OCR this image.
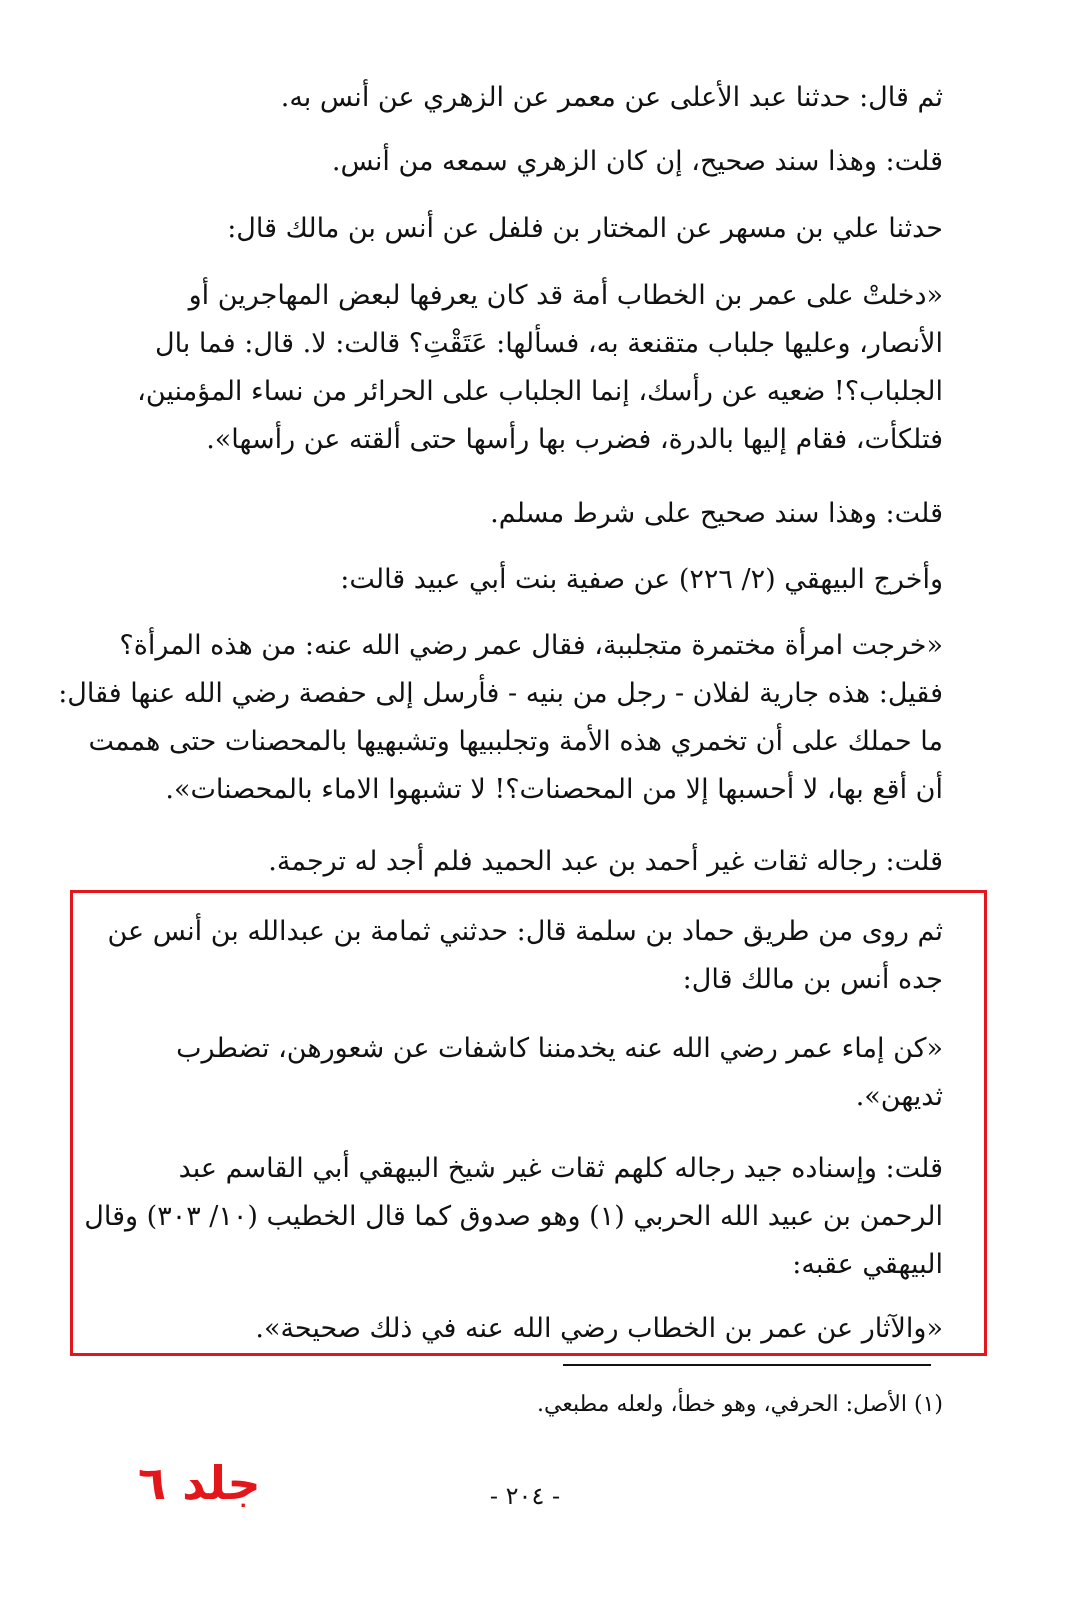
ثم قال: حدثنا عبد الأعلى عن معمر عن الزهري عن أنس به.
قلت: وهذا سند صحيح، إن كان الزهري سمعه من أنس.
حدثنا علي بن مسهر عن المختار بن فلفل عن أنس بن مالك قال:
«دخلتْ على عمر بن الخطاب أمة قد كان يعرفها لبعض المهاجرين أو
الأنصار، وعليها جلباب متقنعة به، فسألها: عَتَقْتِ؟ قالت: لا. قال: فما بال
الجلباب؟! ضعيه عن رأسك، إنما الجلباب على الحرائر من نساء المؤمنين،
فتلكأت، فقام إليها بالدرة، فضرب بها رأسها حتى ألقته عن رأسها».
قلت: وهذا سند صحيح على شرط مسلم.
وأخرج البيهقي (٢/ ٢٢٦) عن صفية بنت أبي عبيد قالت:
«خرجت امرأة مختمرة متجلببة، فقال عمر رضي الله عنه: من هذه المرأة؟
فقيل: هذه جارية لفلان - رجل من بنيه - فأرسل إلى حفصة رضي الله عنها فقال:
ما حملك على أن تخمري هذه الأمة وتجلببيها وتشبهيها بالمحصنات حتى هممت
أن أقع بها، لا أحسبها إلا من المحصنات؟! لا تشبهوا الاماء بالمحصنات».
قلت: رجاله ثقات غير أحمد بن عبد الحميد فلم أجد له ترجمة.
ثم روى من طريق حماد بن سلمة قال: حدثني ثمامة بن عبدالله بن أنس عن
جده أنس بن مالك قال:
«كن إماء عمر رضي الله عنه يخدمننا كاشفات عن شعورهن، تضطرب
ثديهن».
قلت: وإسناده جيد رجاله كلهم ثقات غير شيخ البيهقي أبي القاسم عبد
الرحمن بن عبيد الله الحربي (١) وهو صدوق كما قال الخطيب (١٠/ ٣٠٣) وقال
البيهقي عقبه:
«والآثار عن عمر بن الخطاب رضي الله عنه في ذلك صحيحة».
(١) الأصل: الحرفي، وهو خطأ، ولعله مطبعي.
جلد ٦	- ٢٠٤ -
